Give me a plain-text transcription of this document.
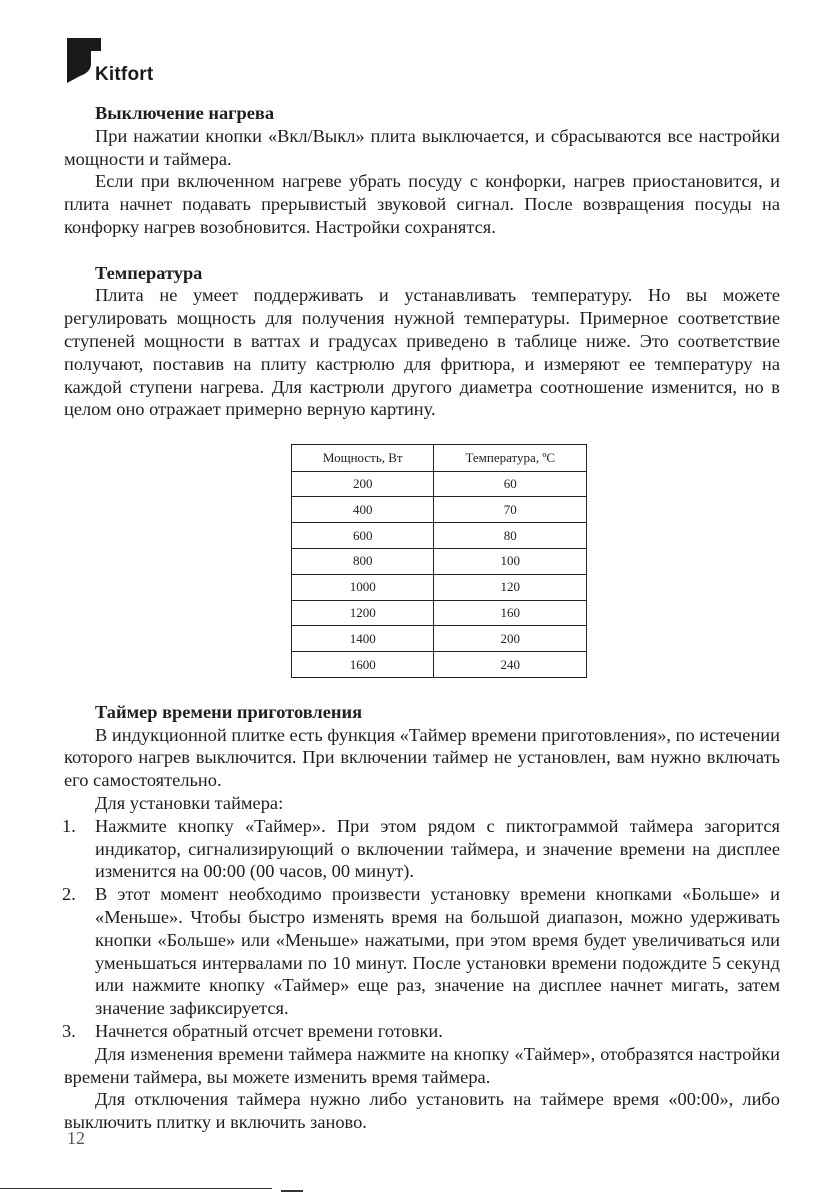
Kitfort
Выключение нагрева

При нажатии кнопки «Вкл/Выкл» плита выключается, и сбрасываются все настройки мощности и таймера.

Если при включенном нагреве убрать посуду с конфорки, нагрев приостановится, и плита начнет подавать прерывистый звуковой сигнал. После возвращения посуды на конфорку нагрев возобновится. Настройки сохранятся.

Температура

Плита не умеет поддерживать и устанавливать температуру. Но вы можете регулировать мощность для получения нужной температуры. Примерное соответствие ступеней мощности в ваттах и градусах приведено в таблице ниже. Это соответствие получают, поставив на плиту кастрюлю для фритюра, и измеряют ее температуру на каждой ступени нагрева. Для кастрюли другого диаметра соотношение изменится, но в целом оно отражает примерно верную картину.

Мощность, Вт	Температура, ºС
200	60
400	70
600	80
800	100
1000	120
1200	160
1400	200
1600	240
Таймер времени приготовления

В индукционной плитке есть функция «Таймер времени приготовления», по истечении которого нагрев выключится. При включении таймер не установлен, вам нужно включать его самостоятельно.

Для установки таймера:

1. Нажмите кнопку «Таймер». При этом рядом с пиктограммой таймера загорится индикатор, сигнализирующий о включении таймера, и значение времени на дисплее изменится на 00:00 (00 часов, 00 минут).
2. В этот момент необходимо произвести установку времени кнопками «Больше» и «Меньше». Чтобы быстро изменять время на большой диапазон, можно удерживать кнопки «Больше» или «Меньше» нажатыми, при этом время будет увеличиваться или уменьшаться интервалами по 10 минут. После установки времени подождите 5 секунд или нажмите кнопку «Таймер» еще раз, значение на дисплее начнет мигать, затем значение зафиксируется.
3. Начнется обратный отсчет времени готовки.

Для изменения времени таймера нажмите на кнопку «Таймер», отобразятся настройки времени таймера, вы можете изменить время таймера.

Для отключения таймера нужно либо установить на таймере время «00:00», либо выключить плитку и включить заново.

12
